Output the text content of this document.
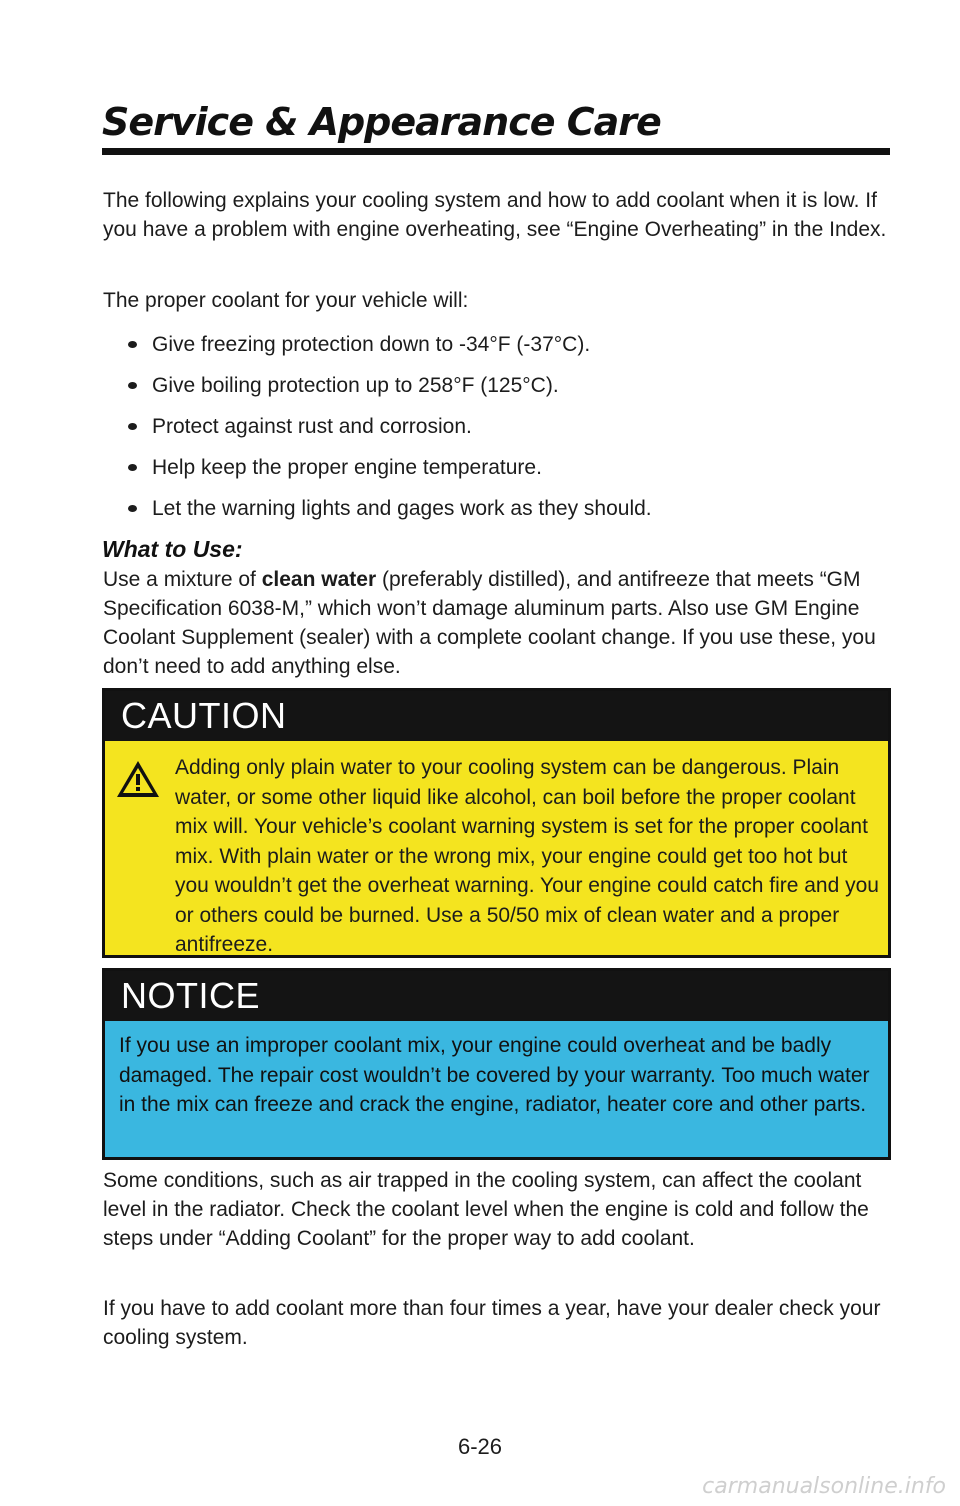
Service & Appearance Care

The following explains your cooling system and how to add coolant when it is low. If you have a problem with engine overheating, see “Engine Overheating” in the Index.

The proper coolant for your vehicle will:

Give freezing protection down to -34°F (-37°C).
Give boiling protection up to 258°F (125°C).
Protect against rust and corrosion.
Help keep the proper engine temperature.
Let the warning lights and gages work as they should.
What to Use:

Use a mixture of clean water (preferably distilled), and antifreeze that meets “GM Specification 6038-M,” which won’t damage aluminum parts. Also use GM Engine Coolant Supplement (sealer) with a complete coolant change. If you use these, you don’t need to add anything else.

CAUTION

Adding only plain water to your cooling system can be dangerous. Plain water, or some other liquid like alcohol, can boil before the proper coolant mix will. Your vehicle’s coolant warning system is set for the proper coolant mix. With plain water or the wrong mix, your engine could get too hot but you wouldn’t get the overheat warning. Your engine could catch fire and you or others could be burned. Use a 50/50 mix of clean water and a proper antifreeze.

NOTICE

If you use an improper coolant mix, your engine could overheat and be badly damaged. The repair cost wouldn’t be covered by your warranty. Too much water in the mix can freeze and crack the engine, radiator, heater core and other parts.

Some conditions, such as air trapped in the cooling system, can affect the coolant level in the radiator. Check the coolant level when the engine is cold and follow the steps under “Adding Coolant” for the proper way to add coolant.

If you have to add coolant more than four times a year, have your dealer check your cooling system.

6-26
carmanualsonline.info
